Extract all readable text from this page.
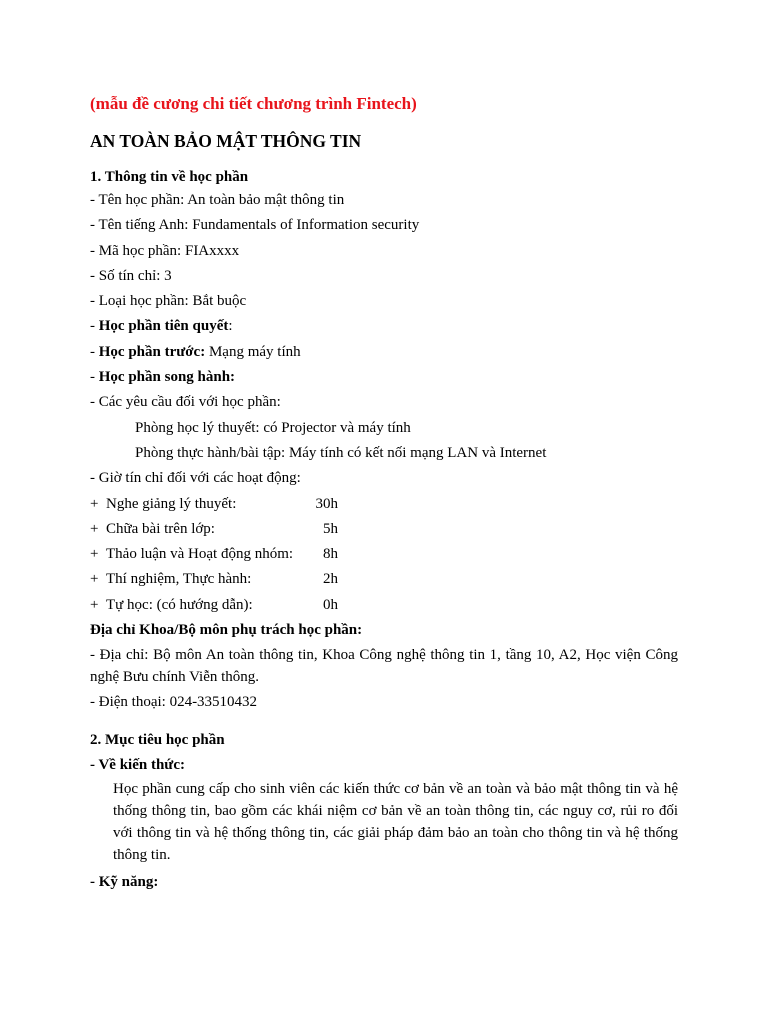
(mẫu đề cương chi tiết chương trình Fintech)

AN TOÀN BẢO MẬT THÔNG TIN

1. Thông tin về học phần

- Tên học phần: An toàn bảo mật thông tin

- Tên tiếng Anh: Fundamentals of Information security

- Mã học phần: FIAxxxx

- Số tín chỉ: 3

- Loại học phần: Bắt buộc

- Học phần tiên quyết:

- Học phần trước: Mạng máy tính

- Học phần song hành:

- Các yêu cầu đối với học phần:

Phòng học lý thuyết: có Projector và máy tính

Phòng thực hành/bài tập: Máy tính có kết nối mạng LAN và Internet

- Giờ tín chỉ đối với các hoạt động:

+ Nghe giảng lý thuyết:	30h
+ Chữa bài trên lớp:	5h
+ Thảo luận và Hoạt động nhóm:	8h
+ Thí nghiệm, Thực hành:	2h
+ Tự học: (có hướng dẫn):	0h

Địa chỉ Khoa/Bộ môn phụ trách học phần:

- Địa chỉ: Bộ môn An toàn thông tin, Khoa Công nghệ thông tin 1, tầng 10, A2, Học viện Công nghệ Bưu chính Viễn thông.

- Điện thoại: 024-33510432

2. Mục tiêu học phần

- Về kiến thức:

Học phần cung cấp cho sinh viên các kiến thức cơ bản về an toàn và bảo mật thông tin và hệ thống thông tin, bao gồm các khái niệm cơ bản về an toàn thông tin, các nguy cơ, rủi ro đối với thông tin và hệ thống thông tin, các giải pháp đảm bảo an toàn cho thông tin và hệ thống thông tin.

- Kỹ năng:
